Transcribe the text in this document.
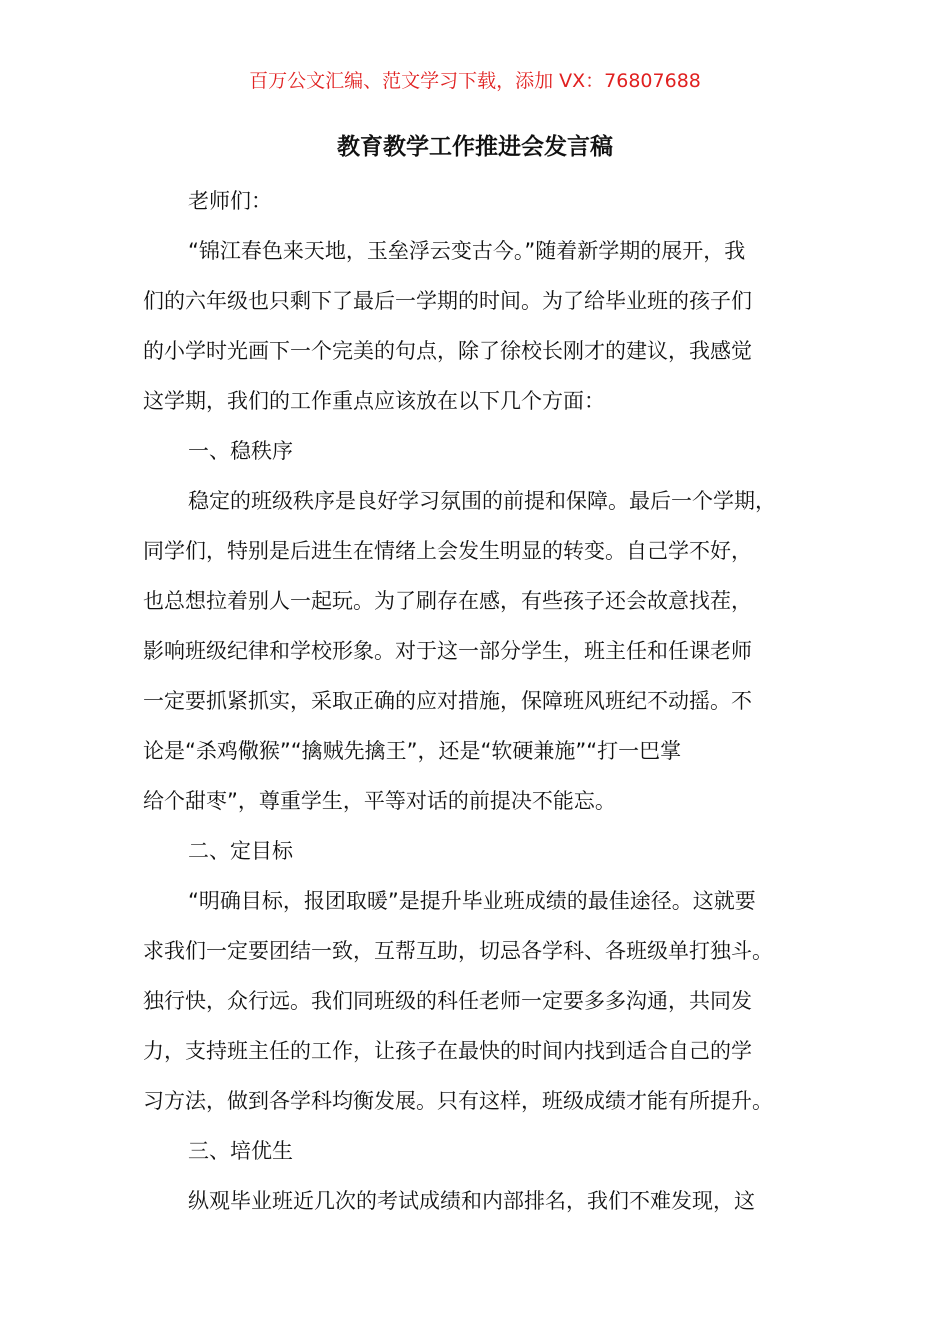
百万公文汇编、范文学习下载，添加 VX：76807688
教育教学工作推进会发言稿
老师们：
“锦江春色来天地，玉垒浮云变古今。”随着新学期的展开，我
们的六年级也只剩下了最后一学期的时间。为了给毕业班的孩子们
的小学时光画下一个完美的句点，除了徐校长刚才的建议，我感觉
这学期，我们的工作重点应该放在以下几个方面：
一、稳秩序
稳定的班级秩序是良好学习氛围的前提和保障。最后一个学期，
同学们，特别是后进生在情绪上会发生明显的转变。自己学不好，
也总想拉着别人一起玩。为了刷存在感，有些孩子还会故意找茬，
影响班级纪律和学校形象。对于这一部分学生，班主任和任课老师
一定要抓紧抓实，采取正确的应对措施，保障班风班纪不动摇。不
论是“杀鸡儆猴”“擒贼先擒王”，还是“软硬兼施”“打一巴掌
给个甜枣”，尊重学生，平等对话的前提决不能忘。
二、定目标
“明确目标，报团取暖”是提升毕业班成绩的最佳途径。这就要
求我们一定要团结一致，互帮互助，切忌各学科、各班级单打独斗。
独行快，众行远。我们同班级的科任老师一定要多多沟通，共同发
力，支持班主任的工作，让孩子在最快的时间内找到适合自己的学
习方法，做到各学科均衡发展。只有这样，班级成绩才能有所提升。
三、培优生
纵观毕业班近几次的考试成绩和内部排名，我们不难发现，这
